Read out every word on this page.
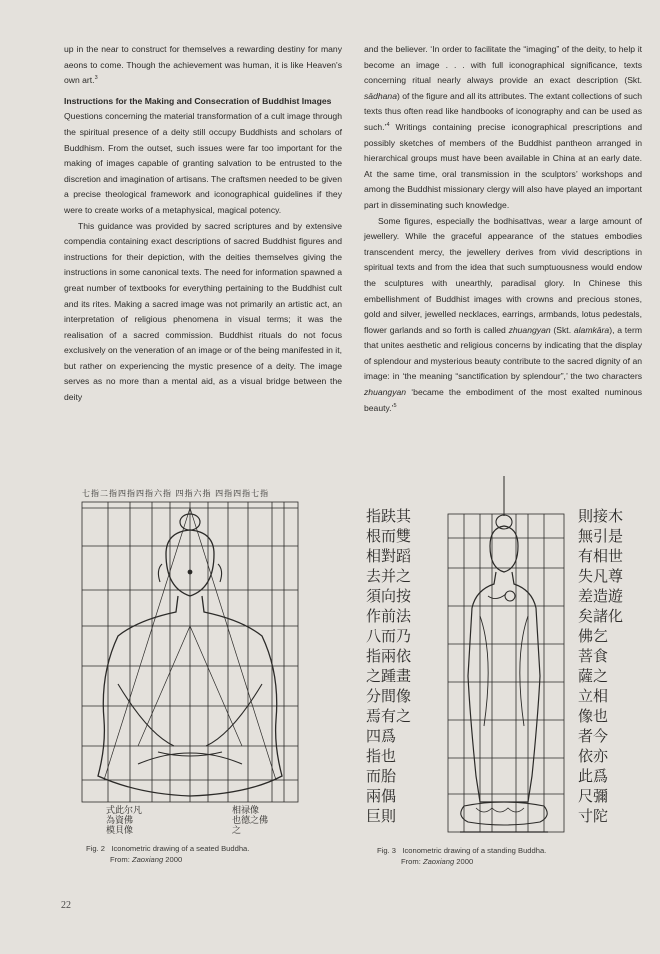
up in the near to construct for themselves a rewarding destiny for many aeons to come. Though the achievement was human, it is like Heaven's own art.$^3$

Instructions for the Making and Consecration of Buddhist Images

Questions concerning the material transformation of a cult image through the spiritual presence of a deity still occupy Buddhists and scholars of Buddhism. From the outset, such issues were far too important for the making of images capable of granting salvation to be entrusted to the discretion and imagination of artisans. The craftsmen needed to be given a precise theological framework and iconographical guidelines if they were to create works of a metaphysical, magical potency.

This guidance was provided by sacred scriptures and by extensive compendia containing exact descriptions of sacred Buddhist figures and instructions for their depiction, with the deities themselves giving the instructions in some canonical texts. The need for information spawned a great number of textbooks for everything pertaining to the Buddhist cult and its rites. Making a sacred image was not primarily an artistic act, an interpretation of religious phenomena in visual terms; it was the realisation of a sacred commission. Buddhist rituals do not focus exclusively on the veneration of an image or of the being manifested in it, but rather on experiencing the mystic presence of a deity. The image serves as no more than a mental aid, as a visual bridge between the deity

and the believer. ‘In order to facilitate the “imaging” of the deity, to help it become an image . . . with full iconographical significance, texts concerning ritual nearly always provide an exact description (Skt. sādhana) of the figure and all its attributes. The extant collections of such texts thus often read like handbooks of iconography and can be used as such.’$^4$ Writings containing precise iconographical prescriptions and possibly sketches of members of the Buddhist pantheon arranged in hierarchical groups must have been available in China at an early date. At the same time, oral transmission in the sculptors’ workshops and among the Buddhist missionary clergy will also have played an important part in disseminating such knowledge.

Some figures, especially the bodhisattvas, wear a large amount of jewellery. While the graceful appearance of the statues embodies transcendent mercy, the jewellery derives from vivid descriptions in spiritual texts and from the idea that such sumptuousness would endow the sculptures with unearthly, paradisal glory. In Chinese this embellishment of Buddhist images with crowns and precious stones, gold and silver, jewelled necklaces, earrings, armbands, lotus pedestals, flower garlands and so forth is called zhuangyan (Skt. alamkāra), a term that unites aesthetic and religious concerns by indicating that the display of splendour and mysterious beauty contribute to the sacred dignity of an image: in ‘the meaning “sanctification by splendour”,’ the two characters zhuangyan ‘became the embodiment of the most exalted numinous beauty.’$^5$

七指二指四指四指六指 四指六指 四指四指七指
式此尔凡
為資佛
模貝像
相禄像
也德之佛
之
指趺其
根而雙
相對蹈
去并之
須向按
作前法
八而乃
指兩依
之踵畫
分間像
焉有之
四爲
指也
而胎
兩偶
巨則
則接木
無引是
有相世
失凡尊
差造遊
矣諸化
佛乞
菩食
薩之
立相
像也
者今
依亦
此爲
尺彌
寸陀
Fig. 2 Iconometric drawing of a seated Buddha.
From: Zaoxiang 2000
Fig. 3 Iconometric drawing of a standing Buddha.
From: Zaoxiang 2000
22
